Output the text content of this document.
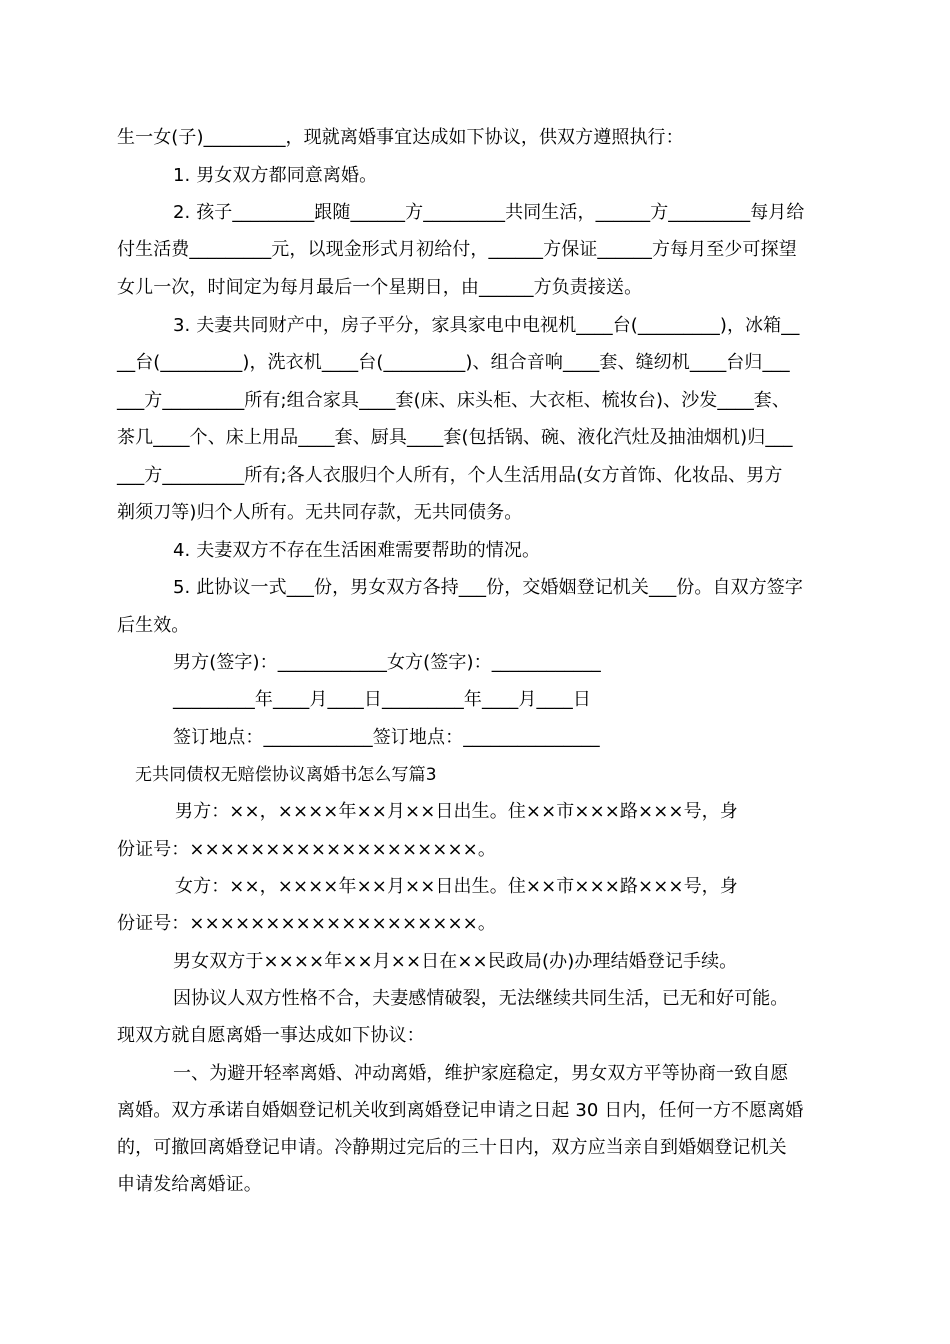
生一女(子)_________，现就离婚事宜达成如下协议，供双方遵照执行：
1. 男女双方都同意离婚。
2. 孩子_________跟随______方_________共同生活，______方_________每月给
付生活费_________元，以现金形式月初给付，______方保证______方每月至少可探望
女儿一次，时间定为每月最后一个星期日，由______方负责接送。
3. 夫妻共同财产中，房子平分，家具家电中电视机____台(_________)，冰箱__
__台(_________)，洗衣机____台(_________)、组合音响____套、缝纫机____台归___
___方_________所有;组合家具____套(床、床头柜、大衣柜、梳妆台)、沙发____套、
茶几____个、床上用品____套、厨具____套(包括锅、碗、液化汽灶及抽油烟机)归___
___方_________所有;各人衣服归个人所有，个人生活用品(女方首饰、化妆品、男方
剃须刀等)归个人所有。无共同存款，无共同债务。
4. 夫妻双方不存在生活困难需要帮助的情况。
5. 此协议一式___份，男女双方各持___份，交婚姻登记机关___份。自双方签字
后生效。
男方(签字)：____________女方(签字)：____________
_________年____月____日_________年____月____日
签订地点：____________签订地点：_______________
无共同债权无赔偿协议离婚书怎么写篇3
男方：××，××××年××月××日出生。住××市×××路×××号，身
份证号：×××××××××××××××××××。
女方：××，××××年××月××日出生。住××市×××路×××号，身
份证号：×××××××××××××××××××。
男女双方于××××年××月××日在××民政局(办)办理结婚登记手续。
因协议人双方性格不合，夫妻感情破裂，无法继续共同生活，已无和好可能。
现双方就自愿离婚一事达成如下协议：
一、为避开轻率离婚、冲动离婚，维护家庭稳定，男女双方平等协商一致自愿
离婚。双方承诺自婚姻登记机关收到离婚登记申请之日起 30 日内，任何一方不愿离婚
的，可撤回离婚登记申请。冷静期过完后的三十日内，双方应当亲自到婚姻登记机关
申请发给离婚证。
